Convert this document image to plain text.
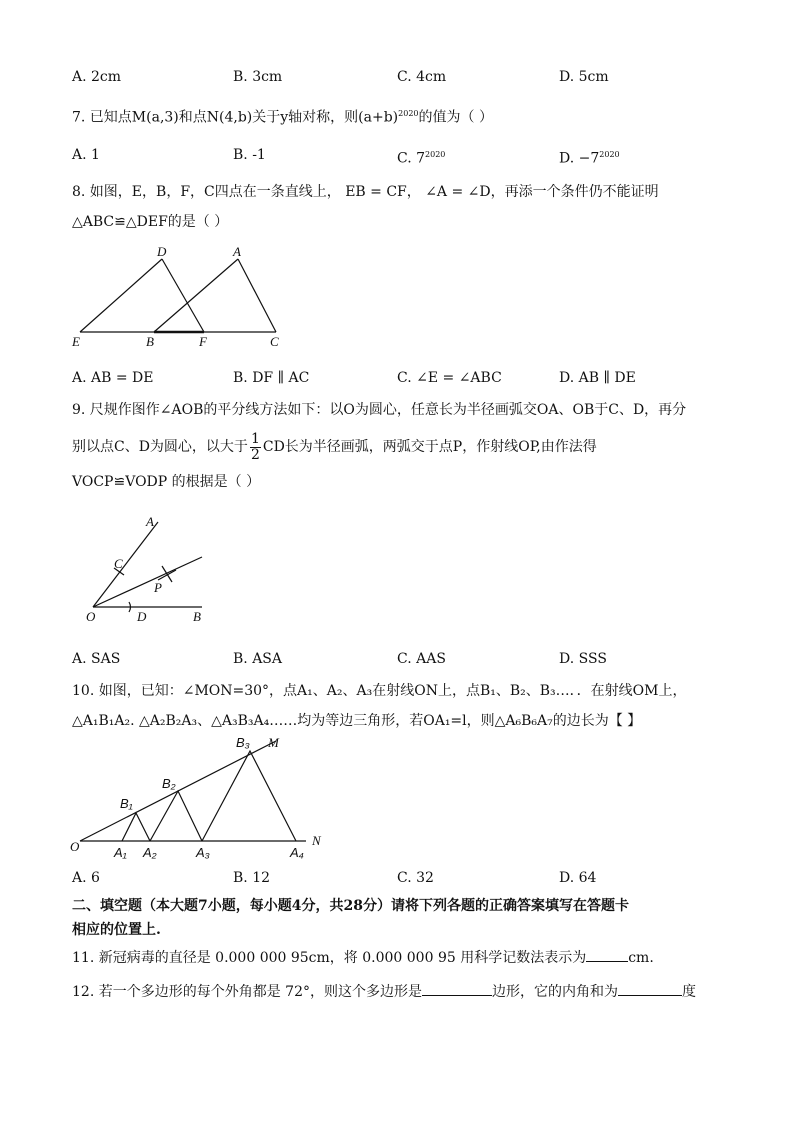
A. 2cm	B. 3cm	C. 4cm	D. 5cm
7. 已知点M(a,3)和点N(4,b)关于y轴对称，则$(a+b)^{2020}$的值为（ ）
A. 1	B. -1	C. $7^{2020}$	D. $-7^{2020}$
8. 如图，E，B，F，C四点在一条直线上， EB = CF， ∠A = ∠D，再添一个条件仍不能证明
△ABC≌△DEF的是（ ）
D	A
E	B	F	C
A. AB = DE	B. DF ∥ AC	C. ∠E = ∠ABC	D. AB ∥ DE
9. 尺规作图作∠AOB的平分线方法如下：以O为圆心，任意长为半径画弧交OA、OB于C、D，再分
别以点C、D为圆心，以大于 $\frac{1}{2}$ CD长为半径画弧，两弧交于点P，作射线OP,由作法得
VOCP≌VODP 的根据是（ ）
A
C
P
O	D	B
A. SAS	B. ASA	C. AAS	D. SSS
10. 如图，已知：∠MON=30°，点A₁、A₂、A₃在射线ON上，点B₁、B₂、B₃…．．在射线OM上，
△A₁B₁A₂. △A₂B₂A₃、△A₃B₃A₄……均为等边三角形，若OA₁=l，则△A₆B₆A₇的边长为【 】
B₃ M
B₂
B₁
O	A₁ A₂	A₃	A₄
N
A. 6	B. 12	C. 32	D. 64
二、填空题（本大题7小题，每小题4分，共28分）请将下列各题的正确答案填写在答题卡
相应的位置上.
11. 新冠病毒的直径是 0.000 000 95cm，将 0.000 000 95 用科学记数法表示为	cm.
12. 若一个多边形的每个外角都是 72°，则这个多边形是	边形，它的内角和为	度
